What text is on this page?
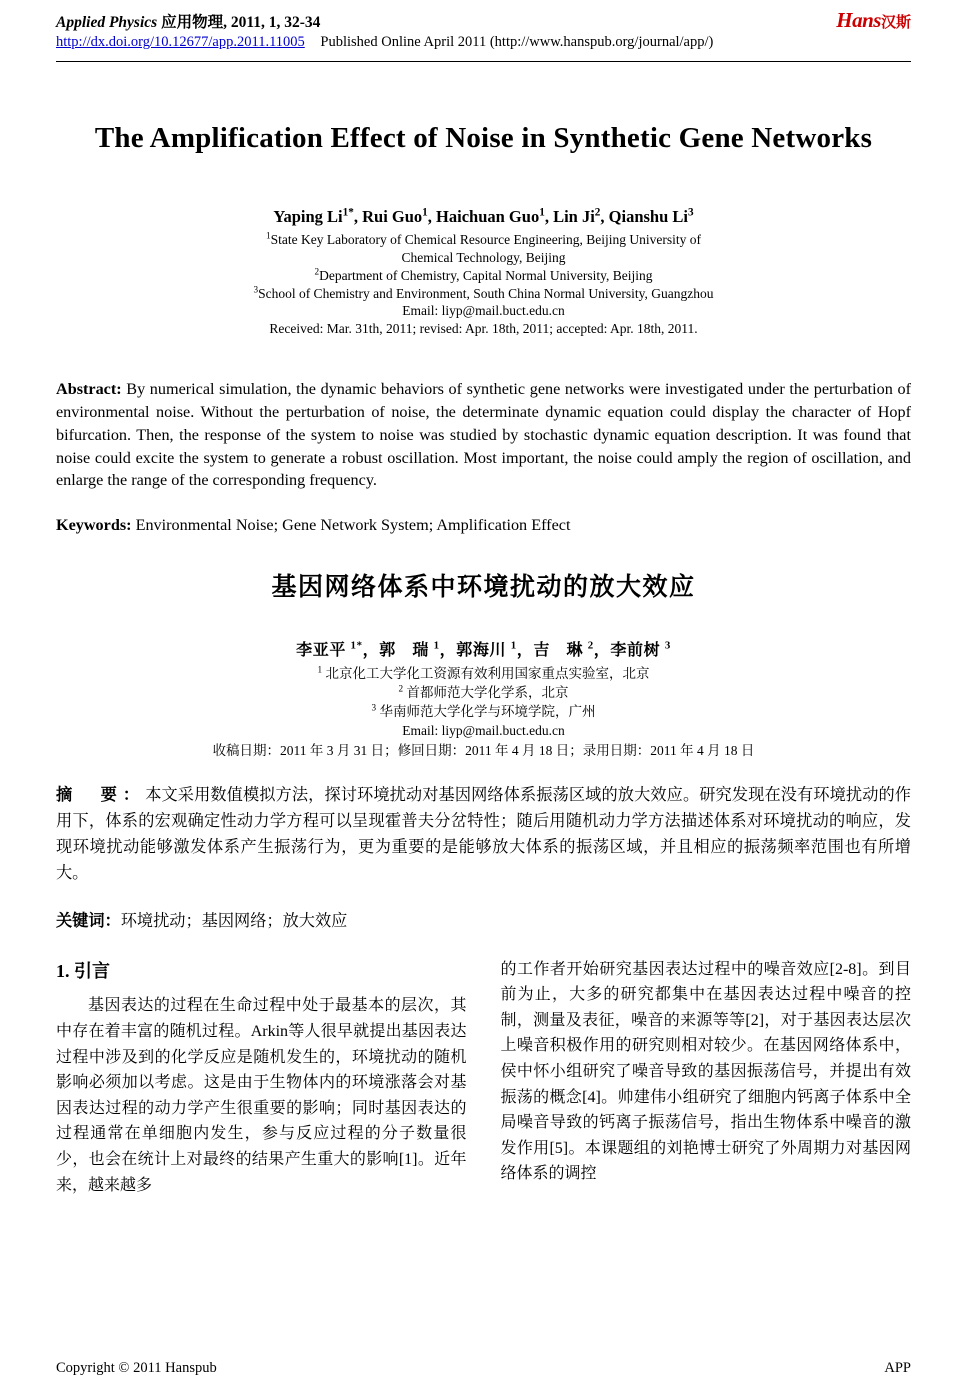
Applied Physics 应用物理, 2011, 1, 32-34
http://dx.doi.org/10.12677/app.2011.11005 Published Online April 2011 (http://www.hanspub.org/journal/app/)
Hans汉斯
The Amplification Effect of Noise in Synthetic Gene Networks
Yaping $Li^{1*}$, Rui Guo$^1$, Haichuan Guo$^1$, Lin Ji$^2$, Qianshu Li$^3$
$^1$State Key Laboratory of Chemical Resource Engineering, Beijing University of
Chemical Technology, Beijing
$^2$Department of Chemistry, Capital Normal University, Beijing
$^3$School of Chemistry and Environment, South China Normal University, Guangzhou
Email: liyp@mail.buct.edu.cn
Received: Mar. 31th, 2011; revised: Apr. 18th, 2011; accepted: Apr. 18th, 2011.
Abstract: By numerical simulation, the dynamic behaviors of synthetic gene networks were investigated under the perturbation of environmental noise. Without the perturbation of noise, the determinate dynamic equation could display the character of Hopf bifurcation. Then, the response of the system to noise was studied by stochastic dynamic equation description. It was found that noise could excite the system to generate a robust oscillation. Most important, the noise could amply the region of oscillation, and enlarge the range of the corresponding frequency.
Keywords: Environmental Noise; Gene Network System; Amplification Effect
基因网络体系中环境扰动的放大效应
李亚平 $^{1*}$，郭　瑞 $^1$，郭海川 $^1$，吉　琳 $^2$，李前树 $^3$
$^1$ 北京化工大学化工资源有效利用国家重点实验室，北京
$^2$ 首都师范大学化学系，北京
$^3$ 华南师范大学化学与环境学院，广州
Email: liyp@mail.buct.edu.cn
收稿日期：2011 年 3 月 31 日；修回日期：2011 年 4 月 18 日；录用日期：2011 年 4 月 18 日
摘　要：本文采用数值模拟方法，探讨环境扰动对基因网络体系振荡区域的放大效应。研究发现在没有环境扰动的作用下，体系的宏观确定性动力学方程可以呈现霍普夫分岔特性；随后用随机动力学方法描述体系对环境扰动的响应，发现环境扰动能够激发体系产生振荡行为，更为重要的是能够放大体系的振荡区域，并且相应的振荡频率范围也有所增大。
关键词：环境扰动；基因网络；放大效应
1. 引言

基因表达的过程在生命过程中处于最基本的层次，其中存在着丰富的随机过程。Arkin等人很早就提出基因表达过程中涉及到的化学反应是随机发生的，环境扰动的随机影响必须加以考虑。这是由于生物体内的环境涨落会对基因表达过程的动力学产生很重要的影响；同时基因表达的过程通常在单细胞内发生，参与反应过程的分子数量很少，也会在统计上对最终的结果产生重大的影响[1]。近年来，越来越多

的工作者开始研究基因表达过程中的噪音效应[2-8]。到目前为止，大多的研究都集中在基因表达过程中噪音的控制，测量及表征，噪音的来源等等[2]，对于基因表达层次上噪音积极作用的研究则相对较少。在基因网络体系中，侯中怀小组研究了噪音导致的基因振荡信号，并提出有效振荡的概念[4]。帅建伟小组研究了细胞内钙离子体系中全局噪音导致的钙离子振荡信号，指出生物体系中噪音的激发作用[5]。本课题组的刘艳博士研究了外周期力对基因网络体系的调控

Copyright © 2011 Hanspub	APP
